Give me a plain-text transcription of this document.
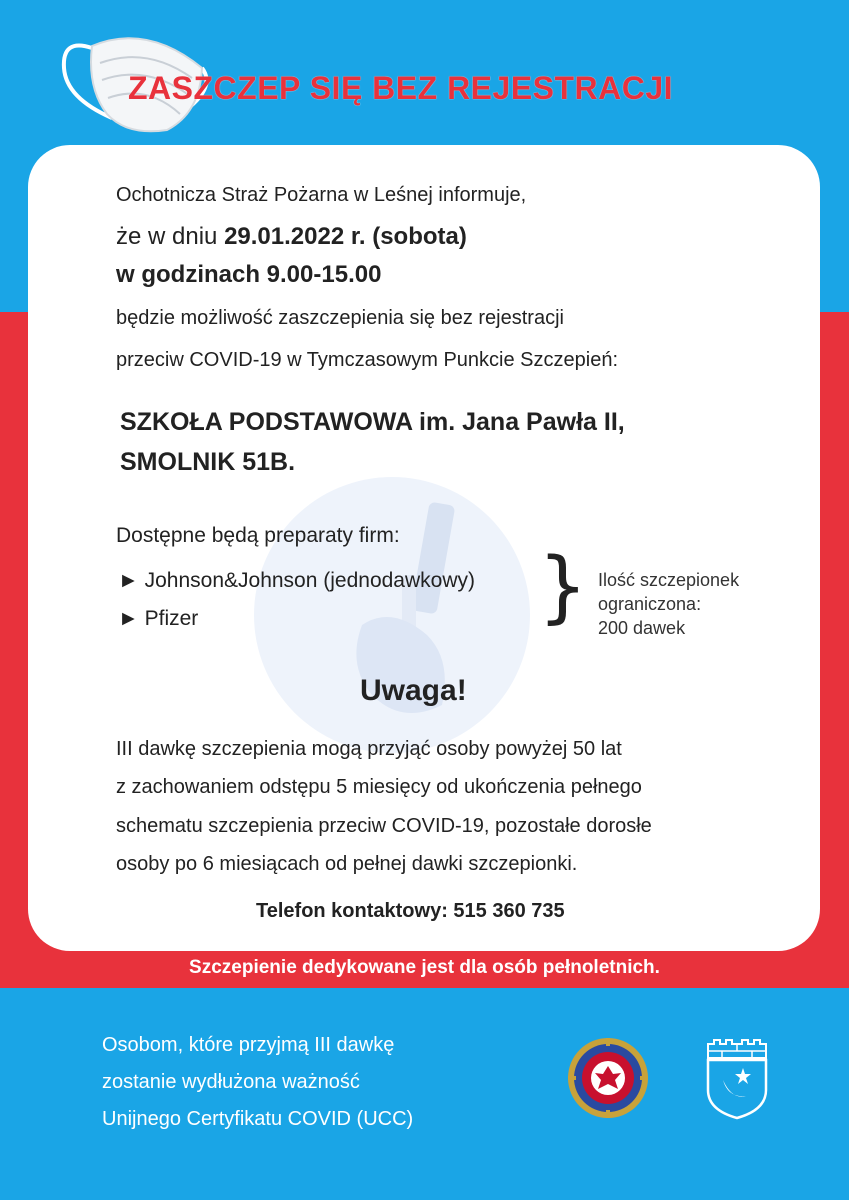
ZASZCZEP SIĘ BEZ REJESTRACJI
Ochotnicza Straż Pożarna w Leśnej informuje,
że w dniu 29.01.2022 r. (sobota)
w godzinach 9.00-15.00
będzie możliwość zaszczepienia się bez rejestracji
przeciw COVID-19 w Tymczasowym Punkcie Szczepień:
SZKOŁA PODSTAWOWA im. Jana Pawła II,
SMOLNIK 51B.
Dostępne będą preparaty firm:
► Johnson&Johnson (jednodawkowy)
► Pfizer	} Ilość szczepionek
ograniczona:
200 dawek
Uwaga!
III dawkę szczepienia mogą przyjąć osoby powyżej 50 lat
z zachowaniem odstępu 5 miesięcy od ukończenia pełnego
schematu szczepienia przeciw COVID-19, pozostałe dorosłe
osoby po 6 miesiącach od pełnej dawki szczepionki.
Telefon kontaktowy: 515 360 735
Szczepienie dedykowane jest dla osób pełnoletnich.
Osobom, które przyjmą III dawkę
zostanie wydłużona ważność
Unijnego Certyfikatu COVID (UCC)
